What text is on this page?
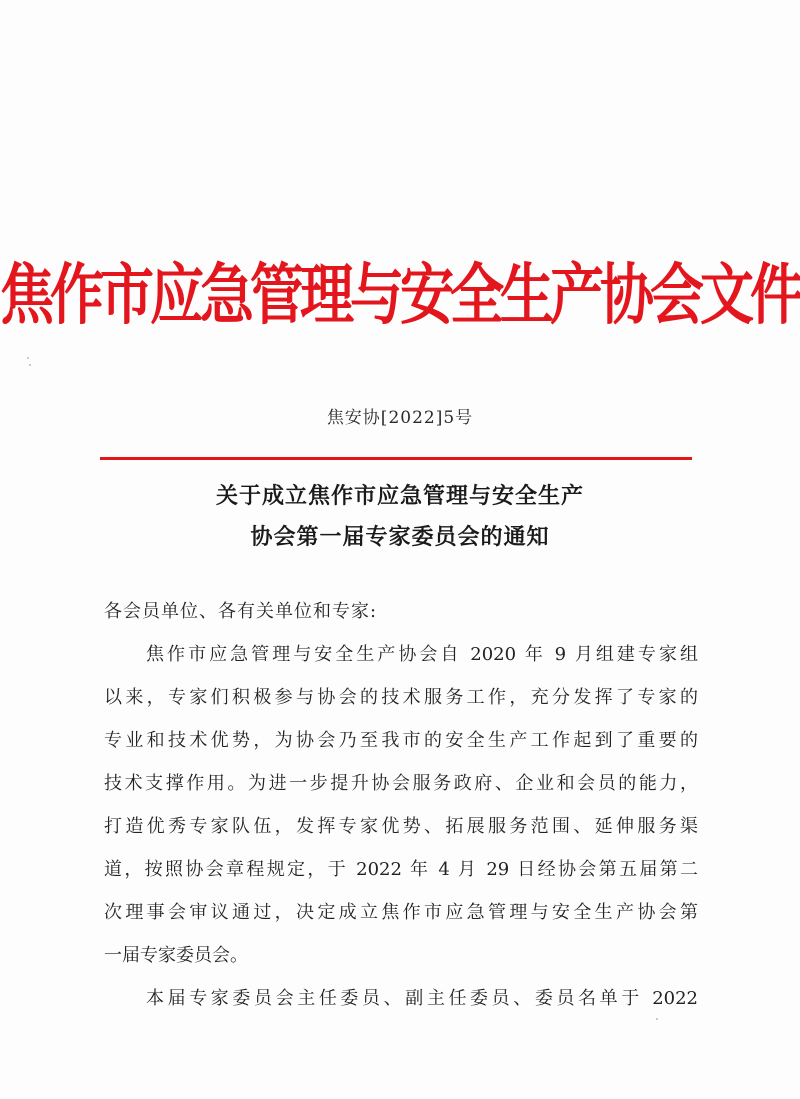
焦作市应急管理与安全生产协会文件
焦安协[2022]5号
关于成立焦作市应急管理与安全生产
协会第一届专家委员会的通知
各会员单位、各有关单位和专家:
焦作市应急管理与安全生产协会自 2020 年 9 月组建专家组
以来，专家们积极参与协会的技术服务工作，充分发挥了专家的
专业和技术优势，为协会乃至我市的安全生产工作起到了重要的
技术支撑作用。为进一步提升协会服务政府、企业和会员的能力，
打造优秀专家队伍，发挥专家优势、拓展服务范围、延伸服务渠
道，按照协会章程规定，于 2022 年 4 月 29 日经协会第五届第二
次理事会审议通过，决定成立焦作市应急管理与安全生产协会第
一届专家委员会。
本届专家委员会主任委员、副主任委员、委员名单于 2022
